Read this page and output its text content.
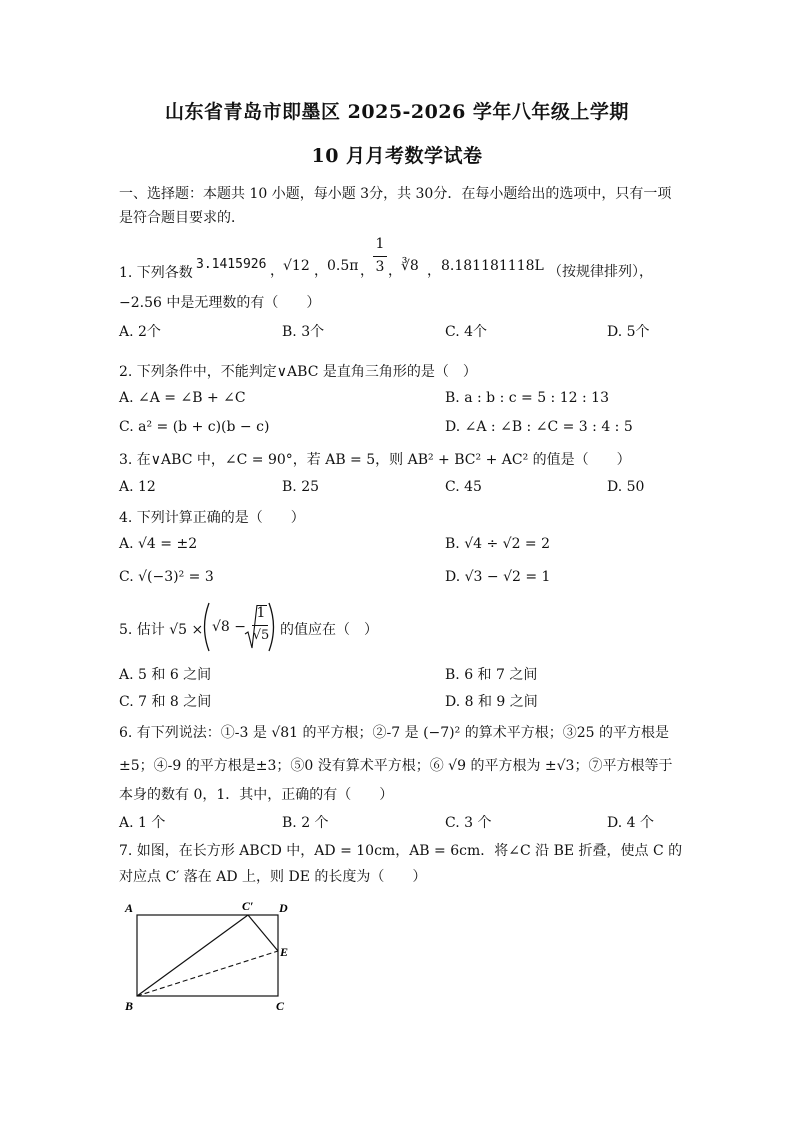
山东省青岛市即墨区 2025-2026 学年八年级上学期
10 月月考数学试卷
一、选择题：本题共 10 小题，每小题 3分，共 30分．在每小题给出的选项中，只有一项
是符合题目要求的．
1. 下列各数
3.1415926 ， √12 ， 0.5π ，
1
3 ， ∛8 ， 8.181181118L （按规律排列），
−2.56 中是无理数的有（　　）
A. 2个	B. 3个	C. 4个	D. 5个
2. 下列条件中，不能判定∨ABC 是直角三角形的是（　）
A. ∠A = ∠B + ∠C	B. a : b : c = 5 : 12 : 13
C. a² = (b + c)(b − c)	D. ∠A : ∠B : ∠C = 3 : 4 : 5
3. 在∨ABC 中，∠C = 90°，若 AB = 5，则 AB² + BC² + AC² 的值是（　　）
A. 12	B. 25	C. 45	D. 50
4. 下列计算正确的是（　　）
A. √4 = ±2	B. √4 ÷ √2 = 2
C. √(−3)² = 3	D. √3 − √2 = 1
5. 估计 √5 × √8 −
1
√5 的值应在（　）
A. 5 和 6 之间	B. 6 和 7 之间
C. 7 和 8 之间	D. 8 和 9 之间
6. 有下列说法：①-3 是 √81 的平方根；②-7 是 (−7)² 的算术平方根；③25 的平方根是
±5；④-9 的平方根是±3；⑤0 没有算术平方根；⑥ √9 的平方根为 ±√3；⑦平方根等于
本身的数有 0，1．其中，正确的有（　　）
A. 1 个	B. 2 个	C. 3 个	D. 4 个
7. 如图，在长方形 ABCD 中，AD = 10cm，AB = 6cm．将∠C 沿 BE 折叠，使点 C 的
对应点 C′ 落在 AD 上，则 DE 的长度为（　　）
A	C′ D
E
B	C
